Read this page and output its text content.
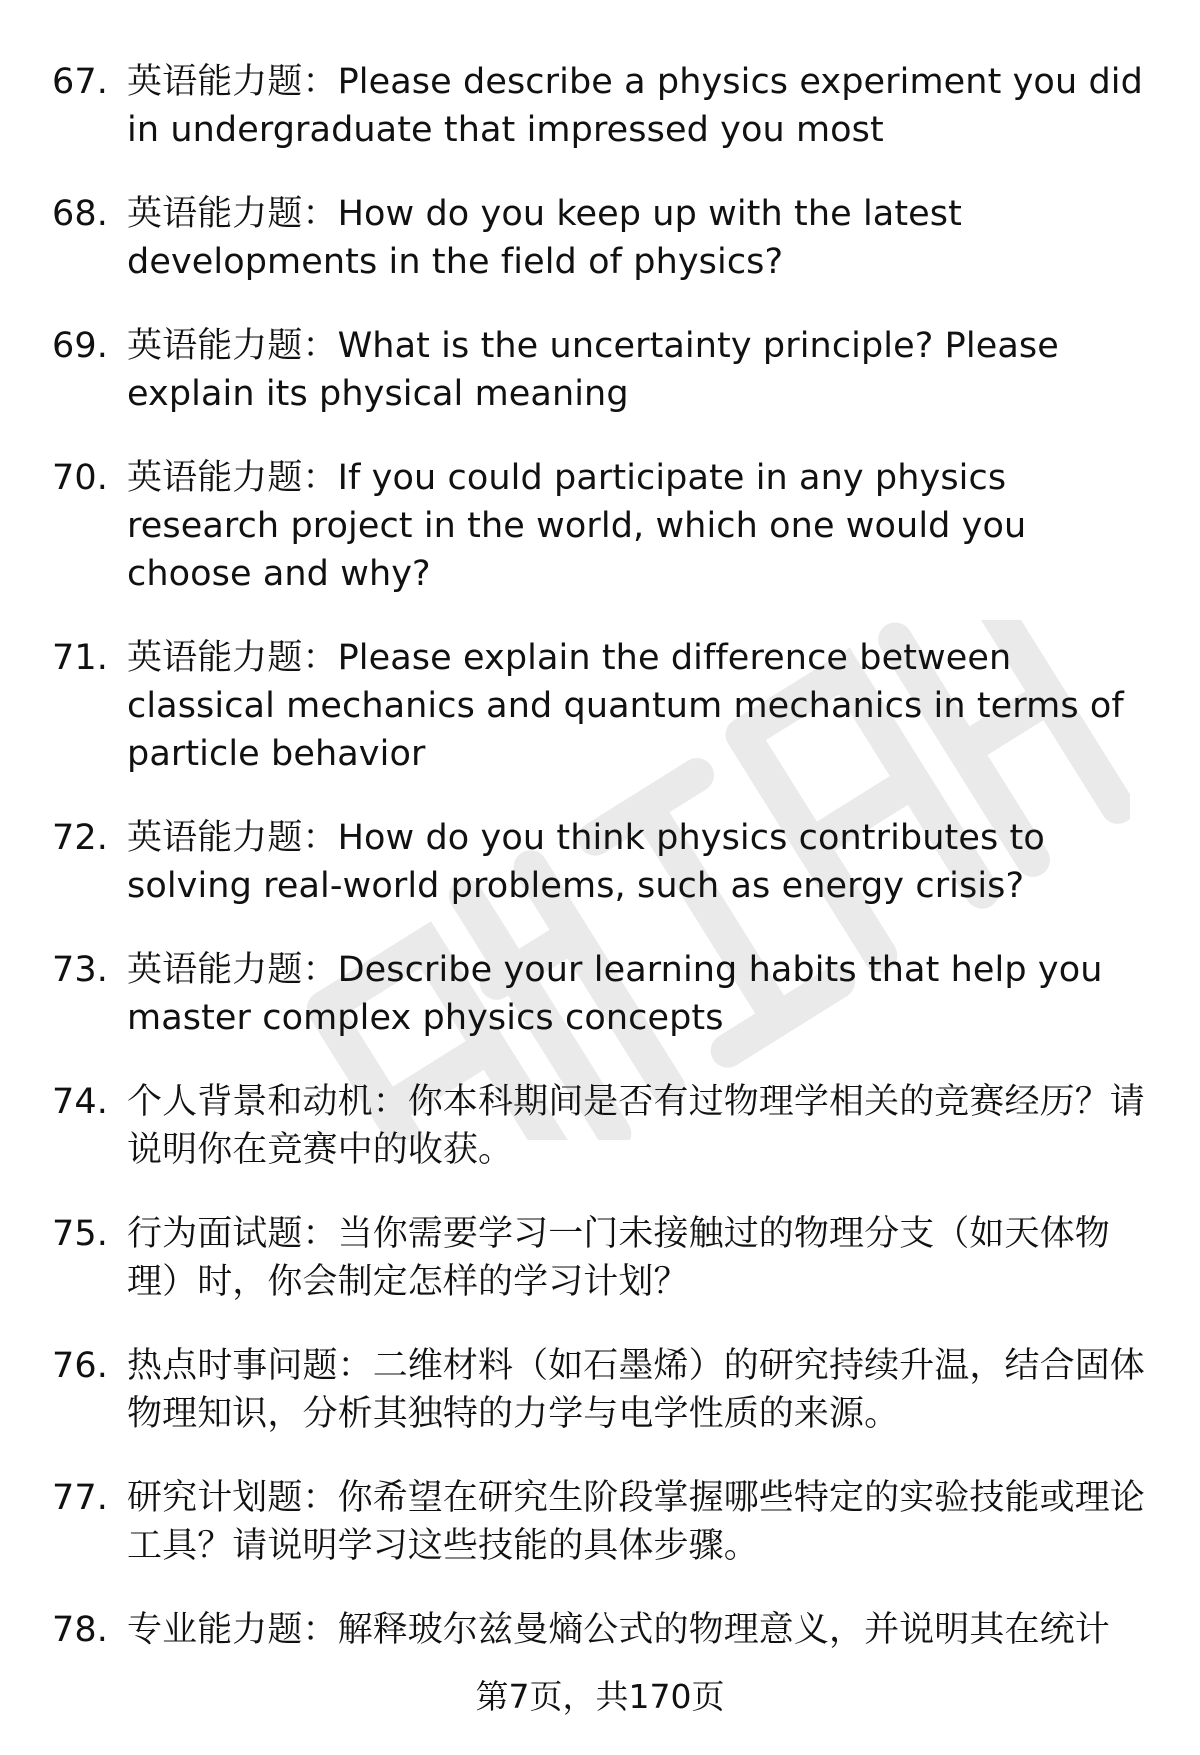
67. 英语能力题：Please describe a physics experiment you did in undergraduate that impressed you most
68. 英语能力题：How do you keep up with the latest developments in the field of physics?
69. 英语能力题：What is the uncertainty principle? Please explain its physical meaning
70. 英语能力题：If you could participate in any physics research project in the world, which one would you choose and why?
71. 英语能力题：Please explain the difference between classical mechanics and quantum mechanics in terms of particle behavior
72. 英语能力题：How do you think physics contributes to solving real-world problems, such as energy crisis?
73. 英语能力题：Describe your learning habits that help you master complex physics concepts
74. 个人背景和动机：你本科期间是否有过物理学相关的竞赛经历？请说明你在竞赛中的收获。
75. 行为面试题：当你需要学习一门未接触过的物理分支（如天体物理）时，你会制定怎样的学习计划？
76. 热点时事问题：二维材料（如石墨烯）的研究持续升温，结合固体物理知识，分析其独特的力学与电学性质的来源。
77. 研究计划题：你希望在研究生阶段掌握哪些特定的实验技能或理论工具？请说明学习这些技能的具体步骤。
78. 专业能力题：解释玻尔兹曼熵公式的物理意义，并说明其在统计
第7页，共170页
